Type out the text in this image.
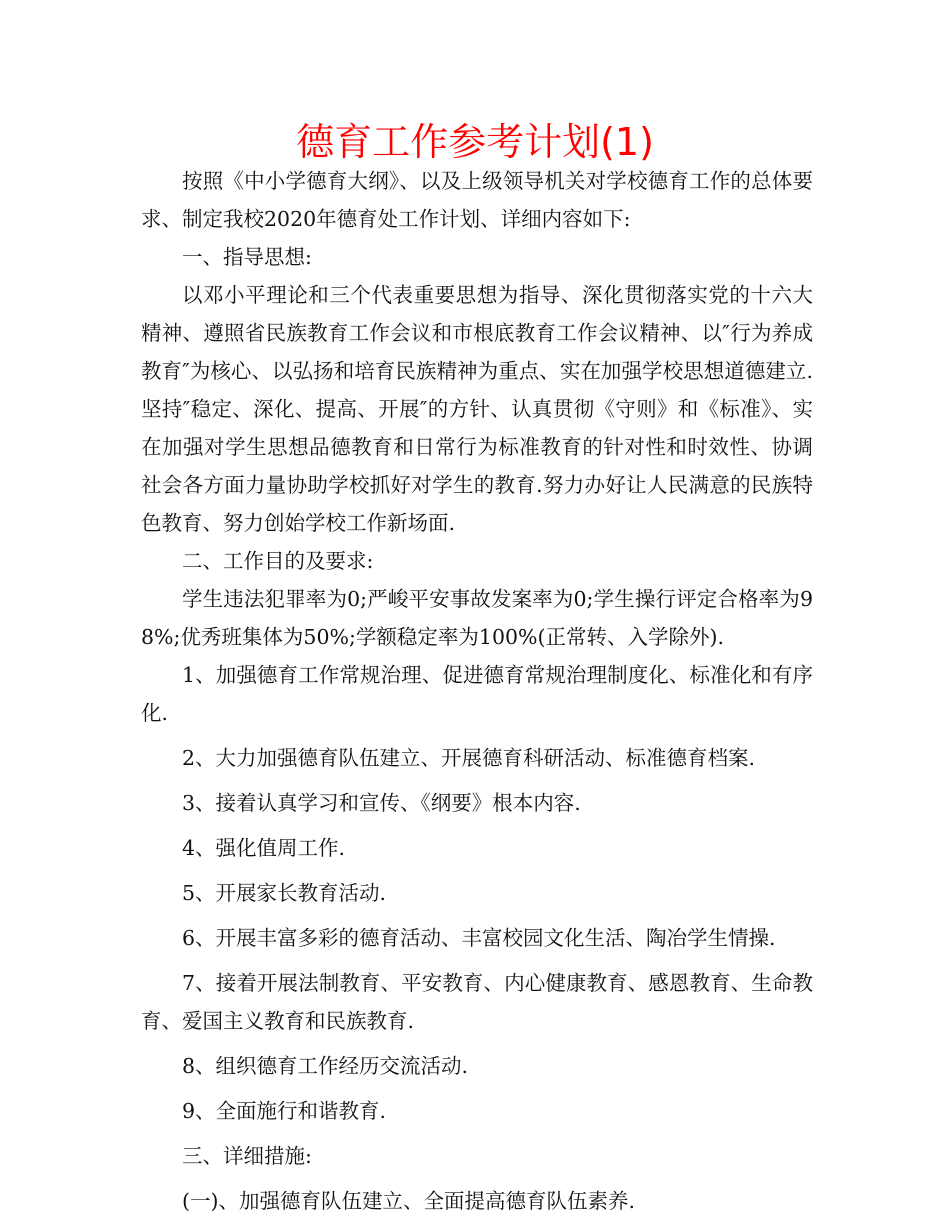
德育工作参考计划(1)

按照《中小学德育大纲》、以及上级领导机关对学校德育工作的总体要求、制定我校2020年德育处工作计划、详细内容如下:

一、指导思想:

以邓小平理论和三个代表重要思想为指导、深化贯彻落实党的十六大精神、遵照省民族教育工作会议和市根底教育工作会议精神、以″行为养成教育″为核心、以弘扬和培育民族精神为重点、实在加强学校思想道德建立.坚持″稳定、深化、提高、开展″的方针、认真贯彻《守则》和《标准》、实在加强对学生思想品德教育和日常行为标准教育的针对性和时效性、协调社会各方面力量协助学校抓好对学生的教育.努力办好让人民满意的民族特色教育、努力创始学校工作新场面.

二、工作目的及要求:

学生违法犯罪率为0;严峻平安事故发案率为0;学生操行评定合格率为98%;优秀班集体为50%;学额稳定率为100%(正常转、入学除外).

1、加强德育工作常规治理、促进德育常规治理制度化、标准化和有序化.

2、大力加强德育队伍建立、开展德育科研活动、标准德育档案.

3、接着认真学习和宣传、《纲要》根本内容.

4、强化值周工作.

5、开展家长教育活动.

6、开展丰富多彩的德育活动、丰富校园文化生活、陶冶学生情操.

7、接着开展法制教育、平安教育、内心健康教育、感恩教育、生命教育、爱国主义教育和民族教育.

8、组织德育工作经历交流活动.

9、全面施行和谐教育.

三、详细措施:

(一)、加强德育队伍建立、全面提高德育队伍素养.
